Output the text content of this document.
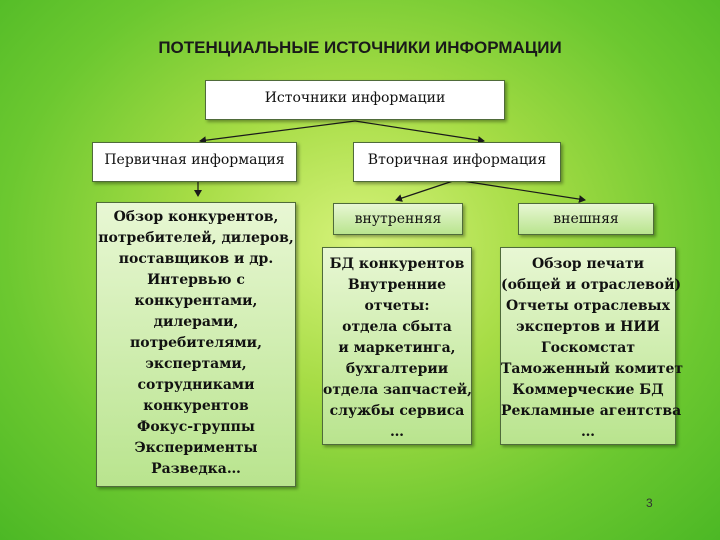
ПОТЕНЦИАЛЬНЫЕ ИСТОЧНИКИ ИНФОРМАЦИИ
Источники информации
Первичная информация	Вторичная информация
Обзор конкурентов,
потребителей, дилеров,
поставщиков и др.
Интервью с
конкурентами,
дилерами,
потребителями,
экспертами,
сотрудниками
конкурентов
Фокус-группы
Эксперименты
Разведка…
внутренняя	внешняя
БД конкурентов
Внутренние
отчеты:
отдела сбыта
и маркетинга,
бухгалтерии
отдела запчастей,
службы сервиса
…
Обзор печати
(общей и отраслевой)
Отчеты отраслевых
экспертов и НИИ
Госкомстат
Таможенный комитет
Коммерческие БД
Рекламные агентства
…
3
